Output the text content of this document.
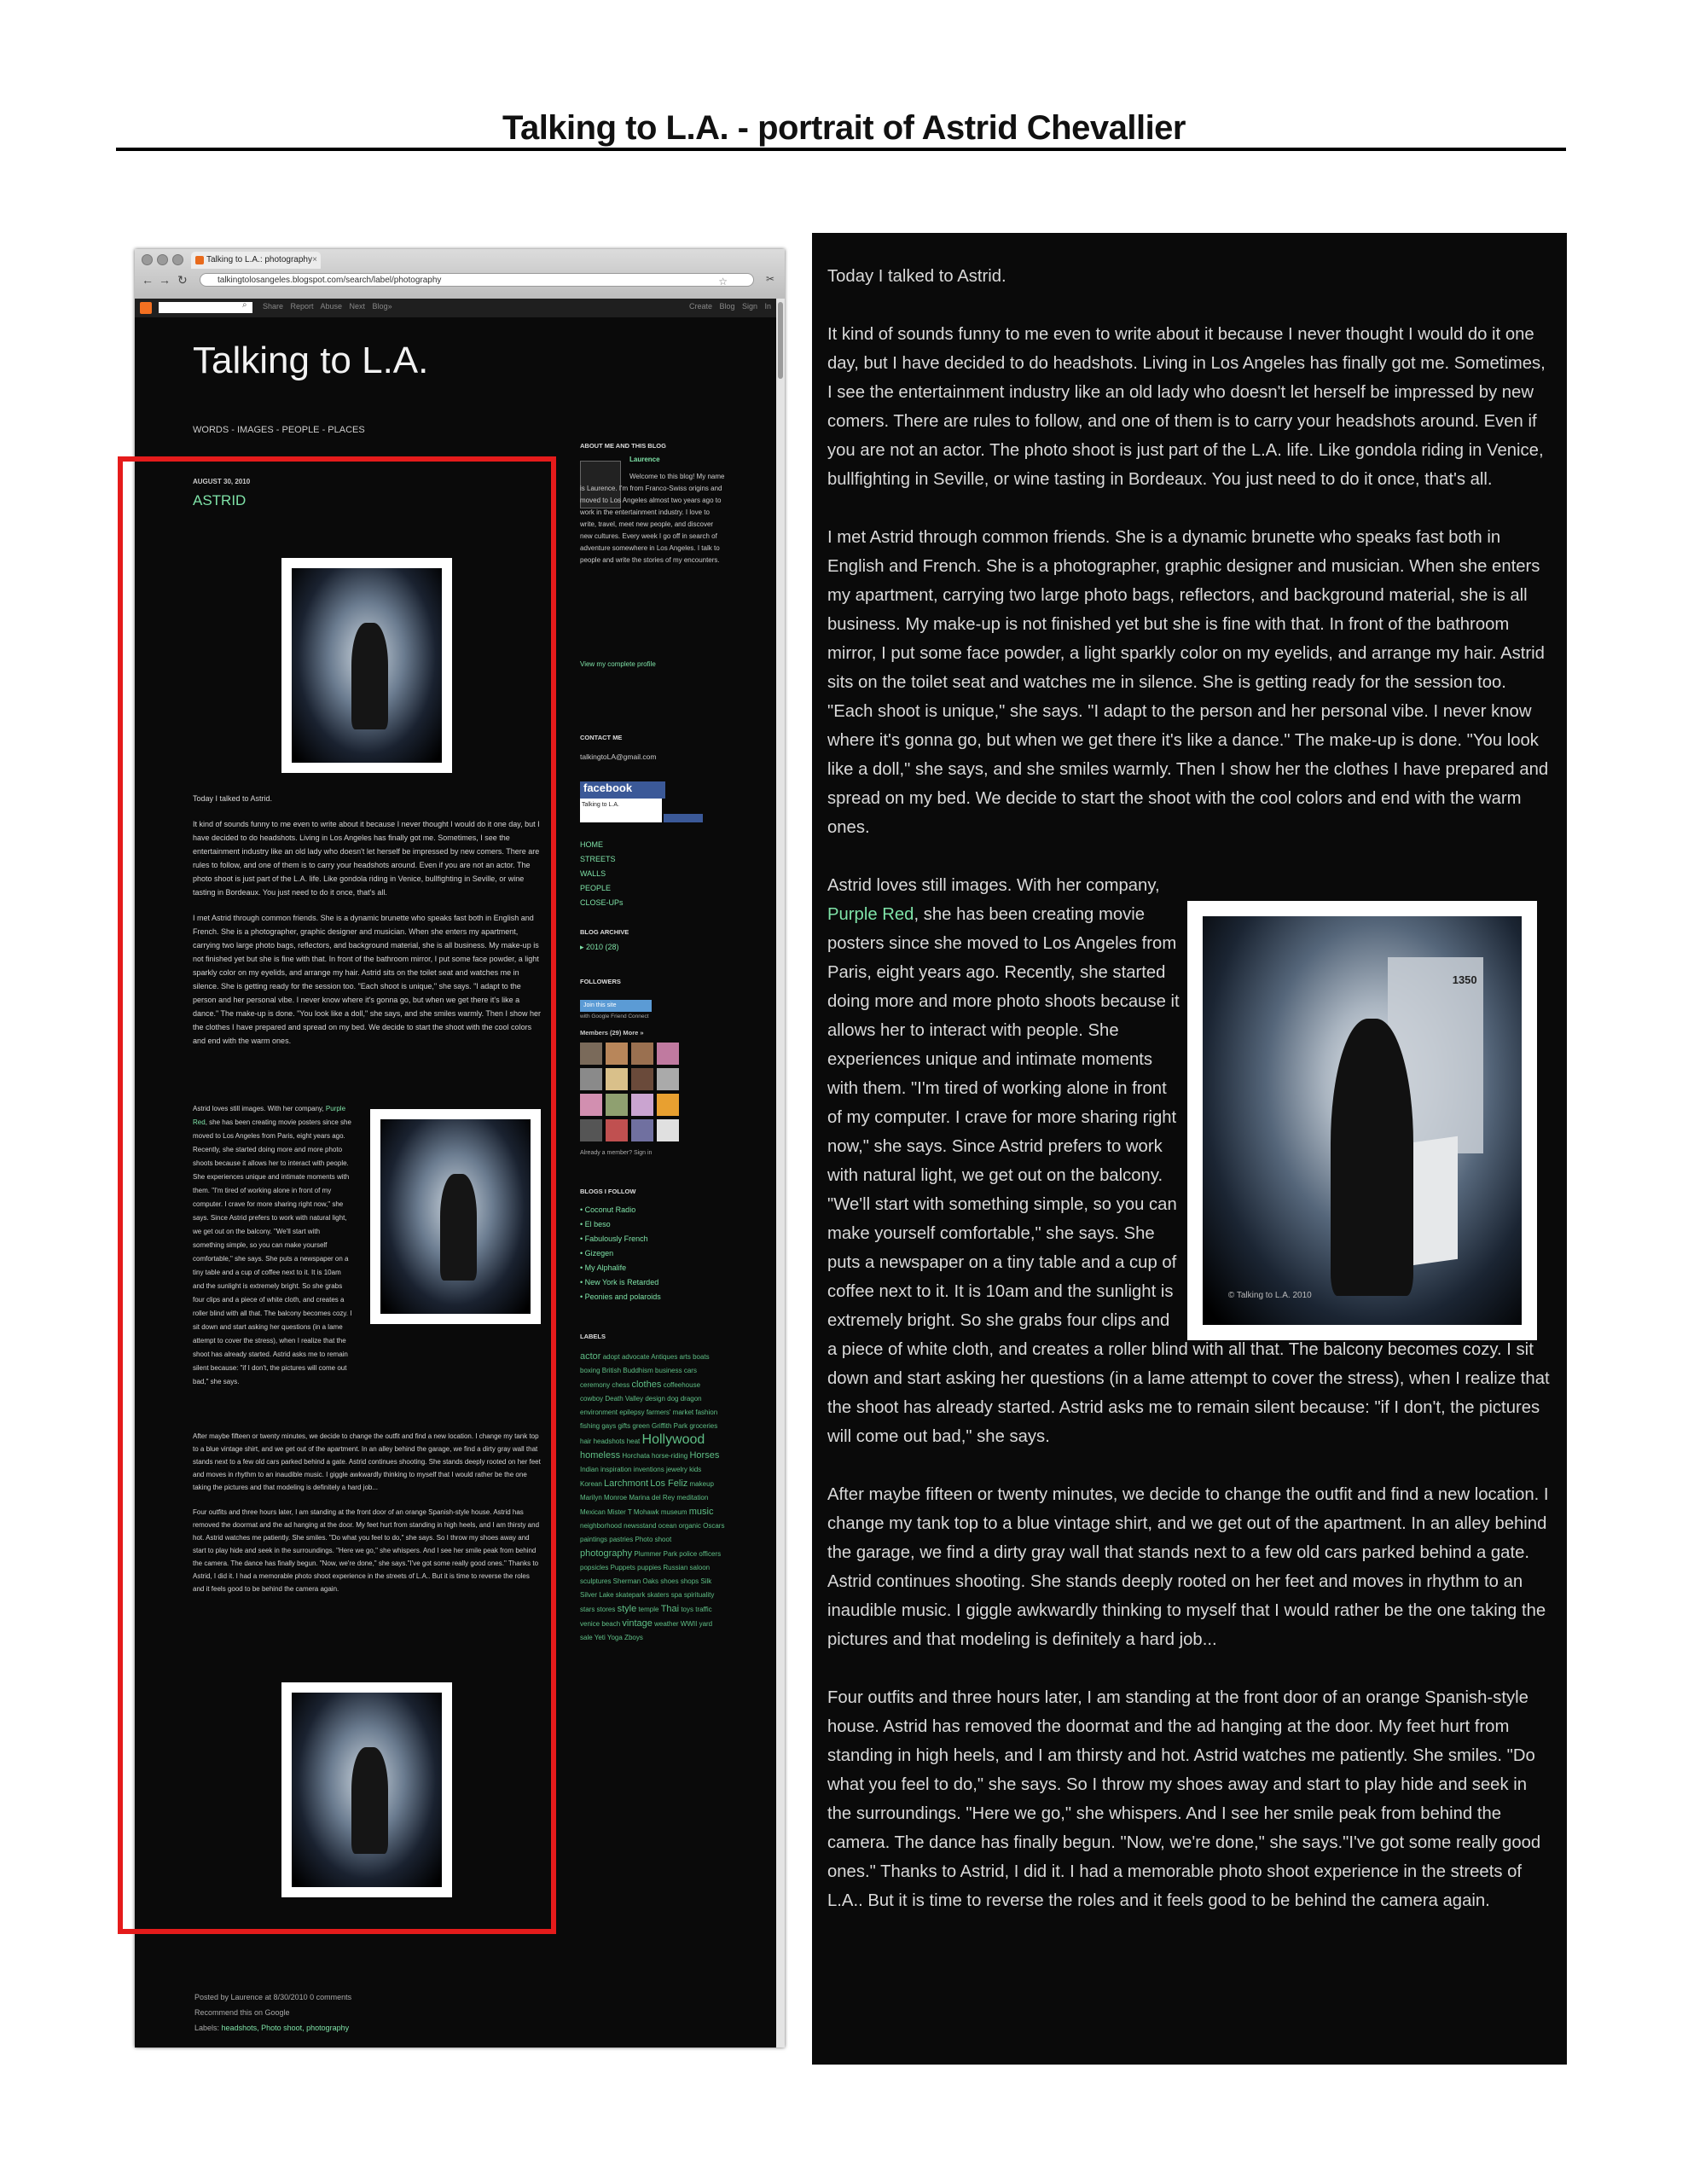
Talking to L.A. - portrait of Astrid Chevallier
Talking to L.A.: photography ×
← → ↻	talkingtolosangeles.blogspot.com/search/label/photography	☆	✂
⌕ Share Report Abuse Next Blog»	Create Blog Sign In
Talking to L.A.
WORDS - IMAGES - PEOPLE - PLACES
AUGUST 30, 2010
ASTRID

Today I talked to Astrid.

It kind of sounds funny to me even to write about it because I never thought I would do it one day, but I have decided to do headshots. Living in Los Angeles has finally got me. Sometimes, I see the entertainment industry like an old lady who doesn't let herself be impressed by new comers. There are rules to follow, and one of them is to carry your headshots around. Even if you are not an actor. The photo shoot is just part of the L.A. life. Like gondola riding in Venice, bullfighting in Seville, or wine tasting in Bordeaux. You just need to do it once, that's all.

I met Astrid through common friends. She is a dynamic brunette who speaks fast both in English and French. She is a photographer, graphic designer and musician. When she enters my apartment, carrying two large photo bags, reflectors, and background material, she is all business. My make-up is not finished yet but she is fine with that. In front of the bathroom mirror, I put some face powder, a light sparkly color on my eyelids, and arrange my hair. Astrid sits on the toilet seat and watches me in silence. She is getting ready for the session too. "Each shoot is unique," she says. "I adapt to the person and her personal vibe. I never know where it's gonna go, but when we get there it's like a dance." The make-up is done. "You look like a doll," she says, and she smiles warmly. Then I show her the clothes I have prepared and spread on my bed. We decide to start the shoot with the cool colors and end with the warm ones.

Astrid loves still images. With her company, Purple Red, she has been creating movie posters since she moved to Los Angeles from Paris, eight years ago. Recently, she started doing more and more photo shoots because it allows her to interact with people. She experiences unique and intimate moments with them. "I'm tired of working alone in front of my computer. I crave for more sharing right now," she says. Since Astrid prefers to work with natural light, we get out on the balcony. "We'll start with something simple, so you can make yourself comfortable," she says. She puts a newspaper on a tiny table and a cup of coffee next to it. It is 10am and the sunlight is extremely bright. So she grabs four clips and a piece of white cloth, and creates a roller blind with all that. The balcony becomes cozy. I sit down and start asking her questions (in a lame attempt to cover the stress), when I realize that the shoot has already started. Astrid asks me to remain silent because: "if I don't, the pictures will come out bad," she says.

After maybe fifteen or twenty minutes, we decide to change the outfit and find a new location. I change my tank top to a blue vintage shirt, and we get out of the apartment. In an alley behind the garage, we find a dirty gray wall that stands next to a few old cars parked behind a gate. Astrid continues shooting. She stands deeply rooted on her feet and moves in rhythm to an inaudible music. I giggle awkwardly thinking to myself that I would rather be the one taking the pictures and that modeling is definitely a hard job...

Four outfits and three hours later, I am standing at the front door of an orange Spanish-style house. Astrid has removed the doormat and the ad hanging at the door. My feet hurt from standing in high heels, and I am thirsty and hot. Astrid watches me patiently. She smiles. "Do what you feel to do," she says. So I throw my shoes away and start to play hide and seek in the surroundings. "Here we go," she whispers. And I see her smile peak from behind the camera. The dance has finally begun. "Now, we're done," she says."I've got some really good ones." Thanks to Astrid, I did it. I had a memorable photo shoot experience in the streets of L.A.. But it is time to reverse the roles and it feels good to be behind the camera again.

Posted by Laurence at 8/30/2010 0 comments
Recommend this on Google
Labels: headshots, Photo shoot, photography
ABOUT ME AND THIS BLOG
Laurence
Welcome to this blog! My name is Laurence. I'm from Franco-Swiss origins and moved to Los Angeles almost two years ago to work in the entertainment industry. I love to write, travel, meet new people, and discover new cultures. Every week I go off in search of adventure somewhere in Los Angeles. I talk to people and write the stories of my encounters.
View my complete profile
CONTACT ME
talkingtoLA@gmail.com
facebook
Talking to L.A.
HOME
STREETS
WALLS
PEOPLE
CLOSE-UPs
BLOG ARCHIVE
▸ 2010 (28)
FOLLOWERS
Join this site
with Google Friend Connect
Members (29) More »
Already a member? Sign in
BLOGS I FOLLOW
• Coconut Radio
• El beso
• Fabulously French
• Gizegen
• My Alphalife
• New York is Retarded
• Peonies and polaroids
LABELS
actor adopt advocate Antiques arts boats boxing British Buddhism business cars ceremony chess clothes coffeehouse cowboy Death Valley design dog dragon environment epilepsy farmers' market fashion fishing gays gifts green Griffith Park groceries hair headshots heat Hollywood homeless Horchata horse-riding Horses Indian inspiration inventions jewelry kids Korean Larchmont Los Feliz makeup Marilyn Monroe Marina del Rey meditation Mexican Mister T Mohawk museum music neighborhood newsstand ocean organic Oscars paintings pastries Photo shoot photography Plummer Park police officers popsicles Puppets puppies Russian saloon sculptures Sherman Oaks shoes shops Silk Silver Lake skatepark skaters spa spirituality stars stores style temple Thai toys traffic venice beach vintage weather WWII yard sale Yeti Yoga Zboys

Today I talked to Astrid.

It kind of sounds funny to me even to write about it because I never thought I would do it one day, but I have decided to do headshots. Living in Los Angeles has finally got me. Sometimes, I see the entertainment industry like an old lady who doesn't let herself be impressed by new comers. There are rules to follow, and one of them is to carry your headshots around. Even if you are not an actor. The photo shoot is just part of the L.A. life. Like gondola riding in Venice, bullfighting in Seville, or wine tasting in Bordeaux. You just need to do it once, that's all.

I met Astrid through common friends. She is a dynamic brunette who speaks fast both in English and French. She is a photographer, graphic designer and musician. When she enters my apartment, carrying two large photo bags, reflectors, and background material, she is all business. My make-up is not finished yet but she is fine with that. In front of the bathroom mirror, I put some face powder, a light sparkly color on my eyelids, and arrange my hair. Astrid sits on the toilet seat and watches me in silence. She is getting ready for the session too. "Each shoot is unique," she says. "I adapt to the person and her personal vibe. I never know where it's gonna go, but when we get there it's like a dance." The make-up is done. "You look like a doll," she says, and she smiles warmly. Then I show her the clothes I have prepared and spread on my bed. We decide to start the shoot with the cool colors and end with the warm ones.

Astrid loves still images. With her company, Purple Red, she has been creating movie posters since she moved to Los Angeles from Paris, eight years ago. Recently, she started doing more and more photo shoots because it allows her to interact with people. She experiences unique and intimate moments with them. "I'm tired of working alone in front of my computer. I crave for more sharing right now," she says. Since Astrid prefers to work with natural light, we get out on the balcony. "We'll start with something simple, so you can make yourself comfortable," she says. She puts a newspaper on a tiny table and a cup of coffee next to it. It is 10am and the sunlight is extremely bright. So she grabs four clips and a piece of white cloth, and creates a roller blind with all that. The balcony becomes cozy. I sit down and start asking her questions (in a lame attempt to cover the stress), when I realize that the shoot has already started. Astrid asks me to remain silent because: "if I don't, the pictures will come out bad," she says.

After maybe fifteen or twenty minutes, we decide to change the outfit and find a new location. I change my tank top to a blue vintage shirt, and we get out of the apartment. In an alley behind the garage, we find a dirty gray wall that stands next to a few old cars parked behind a gate. Astrid continues shooting. She stands deeply rooted on her feet and moves in rhythm to an inaudible music. I giggle awkwardly thinking to myself that I would rather be the one taking the pictures and that modeling is definitely a hard job...

Four outfits and three hours later, I am standing at the front door of an orange Spanish-style house. Astrid has removed the doormat and the ad hanging at the door. My feet hurt from standing in high heels, and I am thirsty and hot. Astrid watches me patiently. She smiles. "Do what you feel to do," she says. So I throw my shoes away and start to play hide and seek in the surroundings. "Here we go," she whispers. And I see her smile peak from behind the camera. The dance has finally begun. "Now, we're done," she says."I've got some really good ones." Thanks to Astrid, I did it. I had a memorable photo shoot experience in the streets of L.A.. But it is time to reverse the roles and it feels good to be behind the camera again.

1350
© Talking to L.A. 2010
